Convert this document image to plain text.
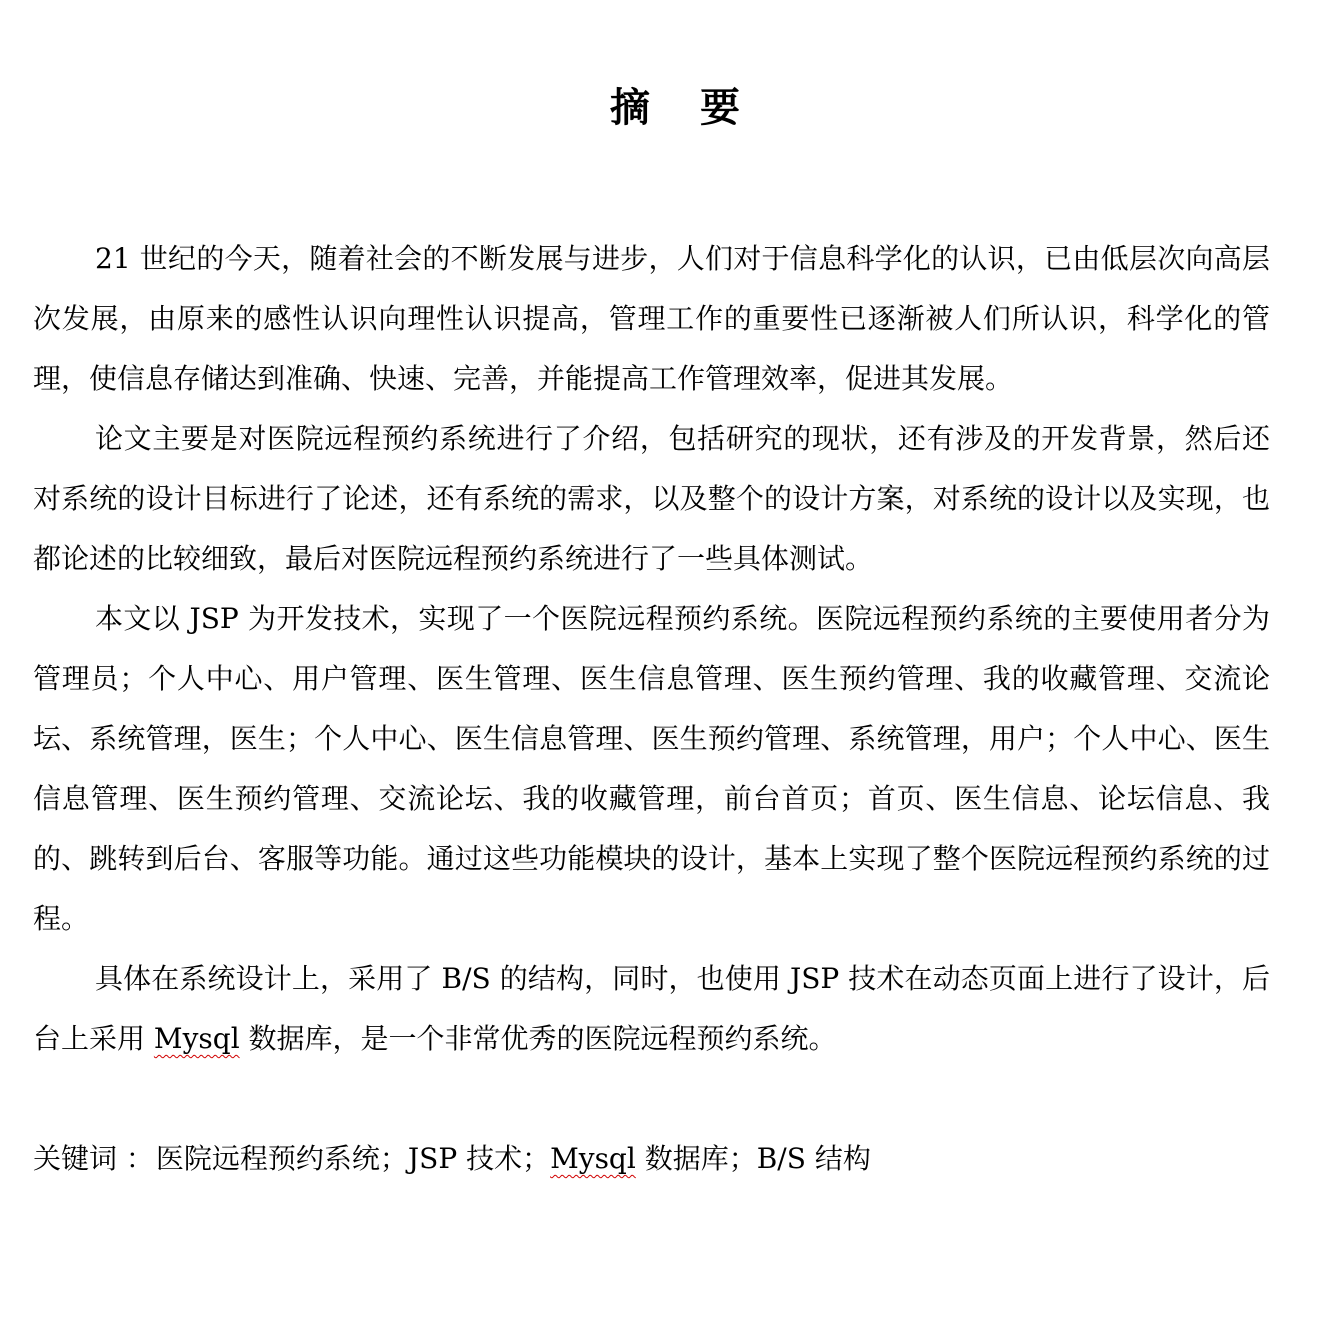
摘要

21 世纪的今天，随着社会的不断发展与进步，人们对于信息科学化的认识，已由低层次向高层次发展，由原来的感性认识向理性认识提高，管理工作的重要性已逐渐被人们所认识，科学化的管理，使信息存储达到准确、快速、完善，并能提高工作管理效率，促进其发展。

论文主要是对医院远程预约系统进行了介绍，包括研究的现状，还有涉及的开发背景，然后还对系统的设计目标进行了论述，还有系统的需求，以及整个的设计方案，对系统的设计以及实现，也都论述的比较细致，最后对医院远程预约系统进行了一些具体测试。

本文以 JSP 为开发技术，实现了一个医院远程预约系统。医院远程预约系统的主要使用者分为管理员；个人中心、用户管理、医生管理、医生信息管理、医生预约管理、我的收藏管理、交流论坛、系统管理，医生；个人中心、医生信息管理、医生预约管理、系统管理，用户；个人中心、医生信息管理、医生预约管理、交流论坛、我的收藏管理，前台首页；首页、医生信息、论坛信息、我的、跳转到后台、客服等功能。通过这些功能模块的设计，基本上实现了整个医院远程预约系统的过程。

具体在系统设计上，采用了 B/S 的结构，同时，也使用 JSP 技术在动态页面上进行了设计，后台上采用 Mysql 数据库，是一个非常优秀的医院远程预约系统。

关键词 ：医院远程预约系统；JSP 技术；Mysql 数据库；B/S 结构
